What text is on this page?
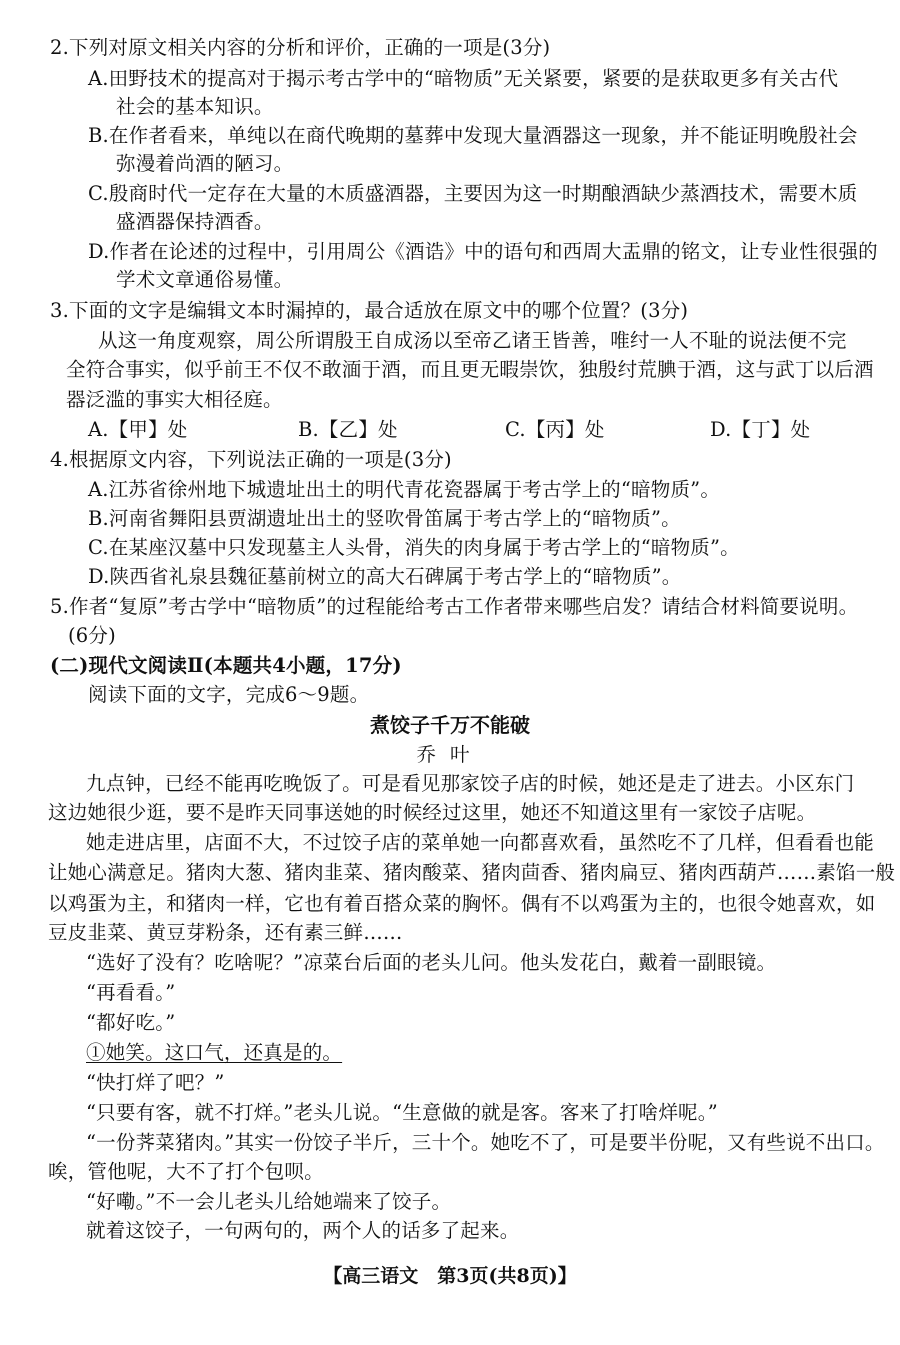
2.下列对原文相关内容的分析和评价，正确的一项是(3分)
A.田野技术的提高对于揭示考古学中的“暗物质”无关紧要，紧要的是获取更多有关古代
社会的基本知识。
B.在作者看来，单纯以在商代晚期的墓葬中发现大量酒器这一现象，并不能证明晚殷社会
弥漫着尚酒的陋习。
C.殷商时代一定存在大量的木质盛酒器，主要因为这一时期酿酒缺少蒸酒技术，需要木质
盛酒器保持酒香。
D.作者在论述的过程中，引用周公《酒诰》中的语句和西周大盂鼎的铭文，让专业性很强的
学术文章通俗易懂。
3.下面的文字是编辑文本时漏掉的，最合适放在原文中的哪个位置？(3分)
从这一角度观察，周公所谓殷王自成汤以至帝乙诸王皆善，唯纣一人不耻的说法便不完
全符合事实，似乎前王不仅不敢湎于酒，而且更无暇崇饮，独殷纣荒腆于酒，这与武丁以后酒
器泛滥的事实大相径庭。
A.【甲】处	B.【乙】处	C.【丙】处	D.【丁】处
4.根据原文内容，下列说法正确的一项是(3分)
A.江苏省徐州地下城遗址出土的明代青花瓷器属于考古学上的“暗物质”。
B.河南省舞阳县贾湖遗址出土的竖吹骨笛属于考古学上的“暗物质”。
C.在某座汉墓中只发现墓主人头骨，消失的肉身属于考古学上的“暗物质”。
D.陕西省礼泉县魏征墓前树立的高大石碑属于考古学上的“暗物质”。
5.作者“复原”考古学中“暗物质”的过程能给考古工作者带来哪些启发？请结合材料简要说明。
(6分)
(二)现代文阅读Ⅱ(本题共4小题，17分)
阅读下面的文字，完成6～9题。
煮饺子千万不能破
乔叶
九点钟，已经不能再吃晚饭了。可是看见那家饺子店的时候，她还是走了进去。小区东门
这边她很少逛，要不是昨天同事送她的时候经过这里，她还不知道这里有一家饺子店呢。
她走进店里，店面不大，不过饺子店的菜单她一向都喜欢看，虽然吃不了几样，但看看也能
让她心满意足。猪肉大葱、猪肉韭菜、猪肉酸菜、猪肉茴香、猪肉扁豆、猪肉西葫芦……素馅一般
以鸡蛋为主，和猪肉一样，它也有着百搭众菜的胸怀。偶有不以鸡蛋为主的，也很令她喜欢，如
豆皮韭菜、黄豆芽粉条，还有素三鲜……
“选好了没有？吃啥呢？”凉菜台后面的老头儿问。他头发花白，戴着一副眼镜。
“再看看。”
“都好吃。”
①她笑。这口气，还真是的。
“快打烊了吧？”
“只要有客，就不打烊。”老头儿说。“生意做的就是客。客来了打啥烊呢。”
“一份荠菜猪肉。”其实一份饺子半斤，三十个。她吃不了，可是要半份呢，又有些说不出口。
唉，管他呢，大不了打个包呗。
“好嘞。”不一会儿老头儿给她端来了饺子。
就着这饺子，一句两句的，两个人的话多了起来。
【高三语文　第3页(共8页)】
